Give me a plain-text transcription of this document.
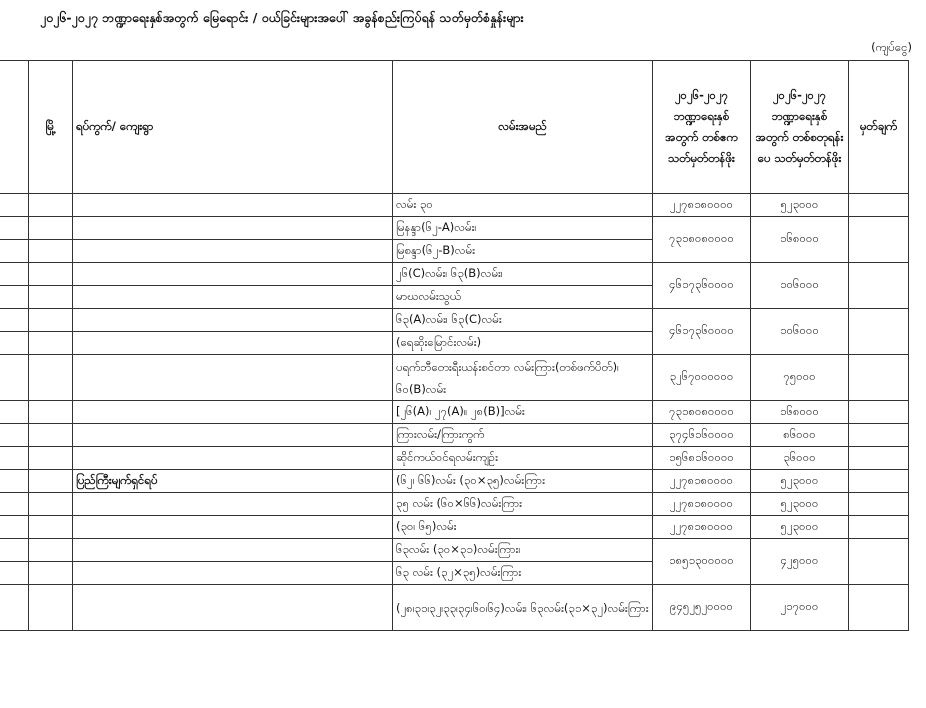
၂၀၂၆-၂၀၂၇ ဘဏ္ဍာရေးနှစ်အတွက် မြေရောင်း / ဝယ်ခြင်းများအပေါ် အခွန်စည်းကြပ်ရန် သတ်မှတ်စံနှုန်းများ
(ကျပ်ငွေ)
	မြို့	ရပ်ကွက်/ ကျေးရွာ	လမ်းအမည်	၂၀၂၆-၂၀၂၇ ဘဏ္ဍာရေးနှစ် အတွက် တစ်ဧက သတ်မှတ်တန်ဖိုး	၂၀၂၆-၂၀၂၇ ဘဏ္ဍာရေးနှစ် အတွက် တစ်စတုရန်းပေ သတ်မှတ်တန်ဖိုး	မှတ်ချက်
			လမ်း ၃၀	၂၂၇၈၁၈၀၀၀၀	၅၂၃၀၀၀	
			မြနန္ဒာ(၆၂-A)လမ်း၊	၇၃၁၈၀၈၀၀၀၀	၁၆၈၀၀၀	
			မြစန္ဒာ(၆၂-B)လမ်း			
			၂၆(C)လမ်း၊ ၆၃(B)လမ်း၊	၄၆၁၇၃၆၀၀၀၀	၁၀၆၀၀၀	
			မာဃလမ်းသွယ်			
			၆၃(A)လမ်း၊ ၆၃(C)လမ်း	၄၆၁၇၃၆၀၀၀၀	၁၀၆၀၀၀	
			(ရေဆိုးမြောင်းလမ်း)			
			ပရက်ဘီတေးရီးယန်းစင်တာ လမ်းကြား(တစ်ဖက်ပိတ်)၊ ၆၀(B)လမ်း	၃၂၆၇၀၀၀၀၀၀	၇၅၀၀၀	
			[၂၆(A)၊ ၂၇(A)။ ၂၈(B)]လမ်း	၇၃၁၈၀၈၀၀၀၀	၁၆၈၀၀၀	
			ကြားလမ်း/ကြားကွက်	၃၇၄၆၁၆၀၀၀၀	၈၆၀၀၀	
			ဆိုင်ကယ်ဝင်ရလမ်းကျဉ်း	၁၅၆၈၁၆၀၀၀၀	၃၆၀၀၀	
		ပြည်ကြီးမျက်ရှင်ရပ်	(၆၂၊ ၆၆)လမ်း (၃၀×၃၅)လမ်းကြား	၂၂၇၈၁၈၀၀၀၀	၅၂၃၀၀၀	
			၃၅ လမ်း (၆၀×၆၆)လမ်းကြား	၂၂၇၈၁၈၀၀၀၀	၅၂၃၀၀၀	
			(၃၀၊ ၆၅)လမ်း	၂၂၇၈၁၈၀၀၀၀	၅၂၃၀၀၀	
			၆၃လမ်း (၃၀×၃၁)လမ်းကြား၊	၁၈၅၁၃၀၀၀၀၀	၄၂၅၀၀၀	
			၆၃ လမ်း (၃၂×၃၅)လမ်းကြား			
			(၂၈၊၃၁၊၃၂၊၃၃၊၃၄၊၆၀၊၆၄)လမ်း၊ ၆၃လမ်း(၃၁×၃၂)လမ်းကြား	၉၄၅၂၅၂၀၀၀၀	၂၁၇၀၀၀	
